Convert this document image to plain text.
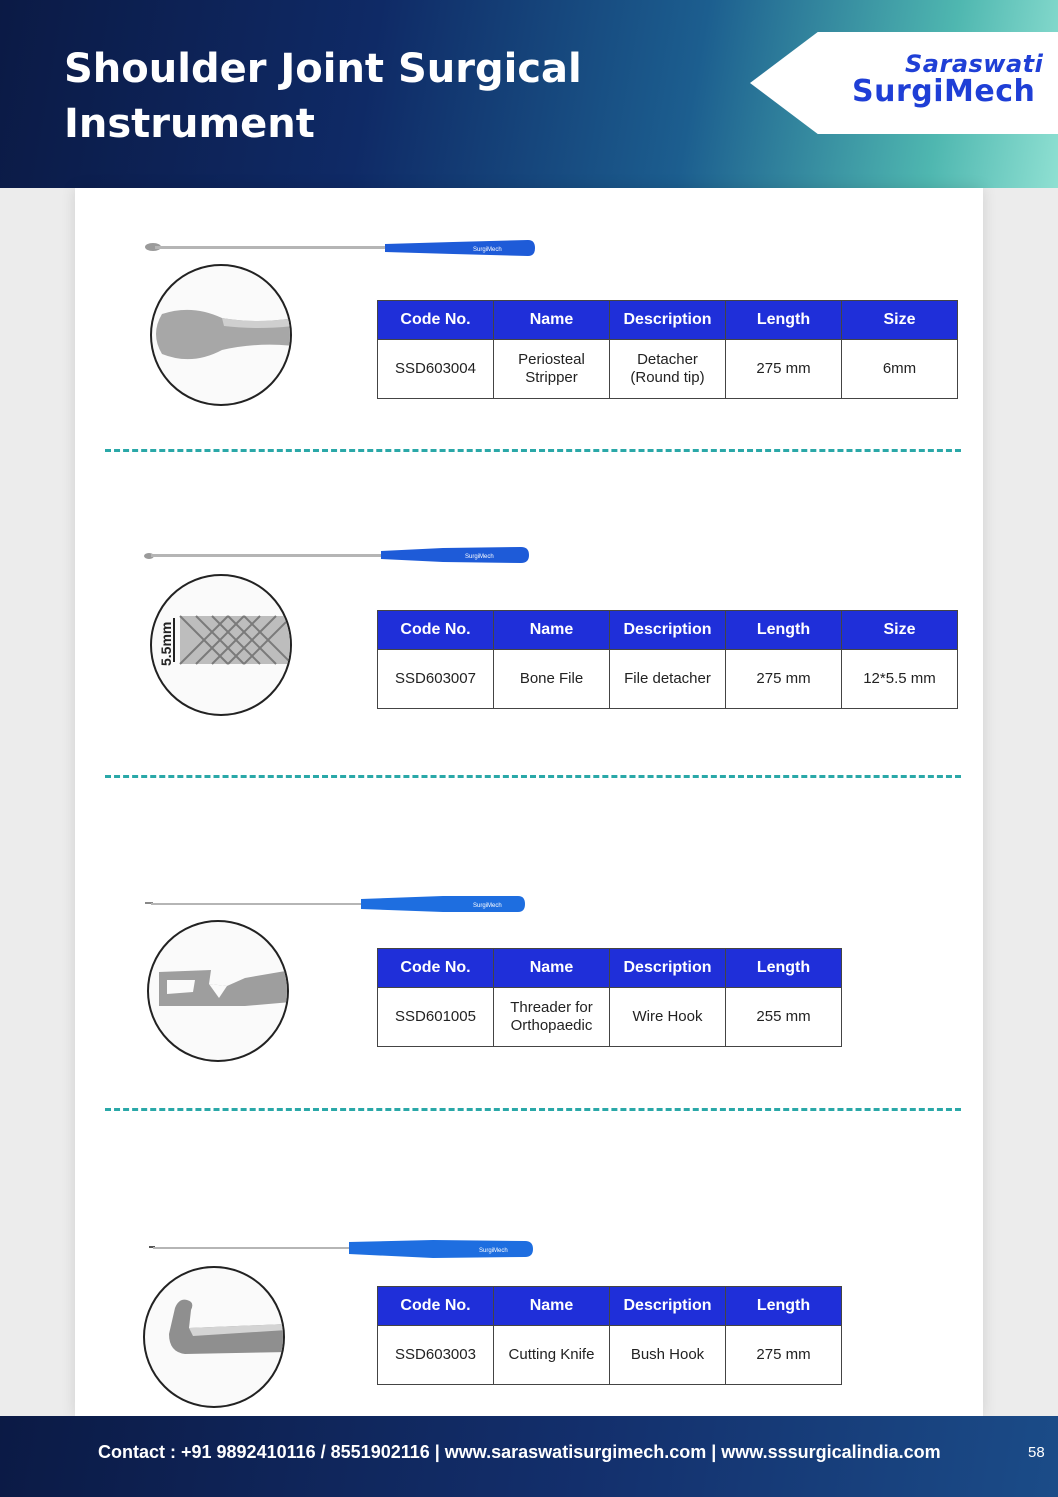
Shoulder Joint Surgical
Instrument
Saraswati
SurgiMech
SurgiMech
Code No.	Name	Description	Length	Size
SSD603004	Periosteal Stripper	Detacher (Round tip)	275 mm	6mm
SurgiMech
5.5mm	Code No.	Name	Description	Length	Size
SSD603007	Bone File	File detacher	275 mm	12*5.5 mm
SurgiMech
Code No.	Name	Description	Length
SSD601005	Threader for Orthopaedic	Wire Hook	255 mm
SurgiMech
Code No.	Name	Description	Length
SSD603003	Cutting Knife	Bush Hook	275 mm
Contact : +91 9892410116 / 8551902116 | www.saraswatisurgimech.com | www.sssurgicalindia.com	58
